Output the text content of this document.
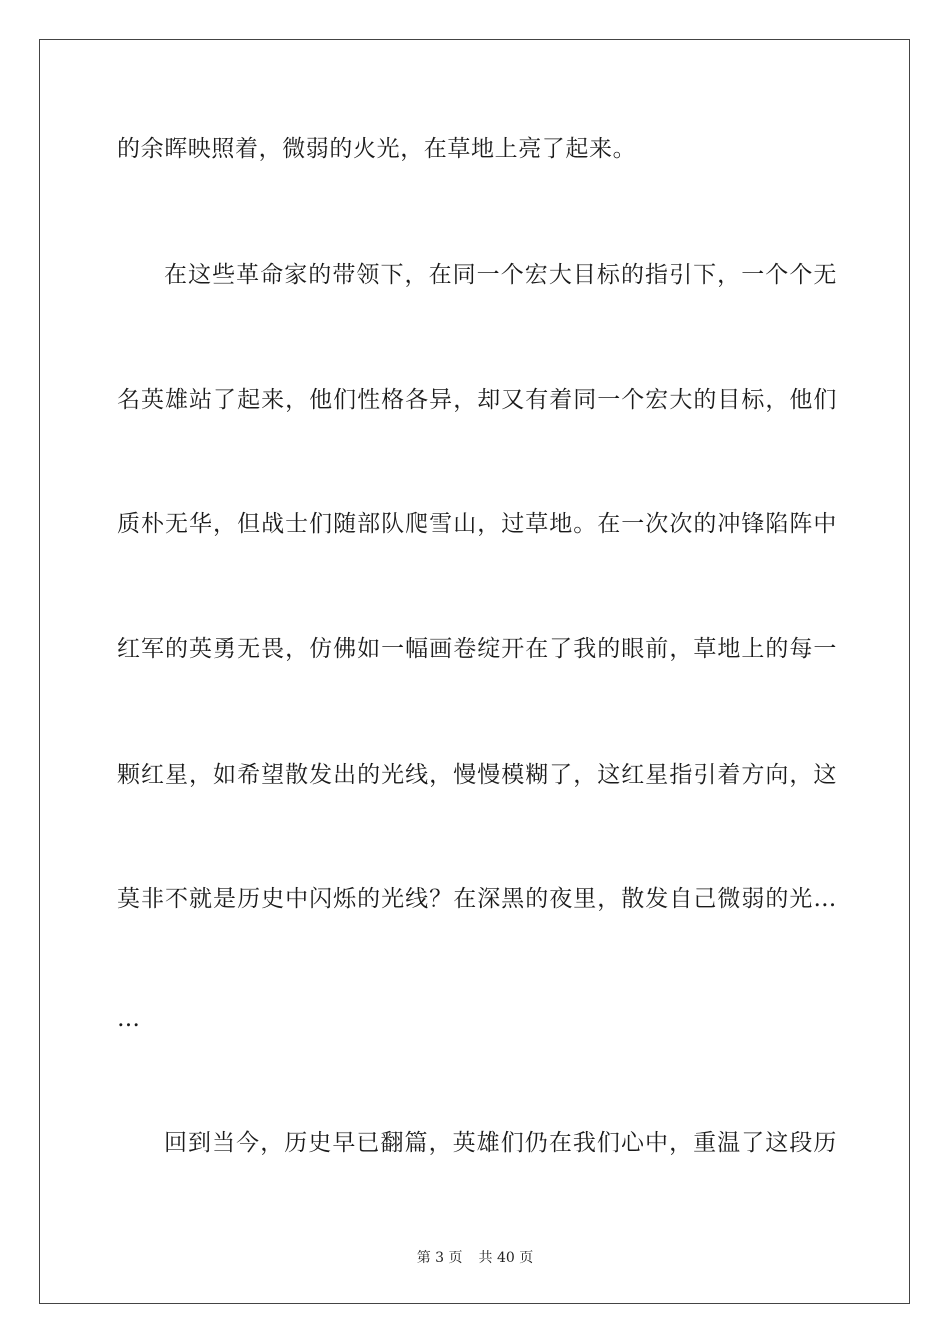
的余晖映照着，微弱的火光，在草地上亮了起来。
在这些革命家的带领下，在同一个宏大目标的指引下，一个个无
名英雄站了起来，他们性格各异，却又有着同一个宏大的目标，他们
质朴无华，但战士们随部队爬雪山，过草地。在一次次的冲锋陷阵中
红军的英勇无畏，仿佛如一幅画卷绽开在了我的眼前，草地上的每一
颗红星，如希望散发出的光线，慢慢模糊了，这红星指引着方向，这
莫非不就是历史中闪烁的光线？在深黑的夜里，散发自己微弱的光…
…
回到当今，历史早已翻篇，英雄们仍在我们心中，重温了这段历
第 3 页 共 40 页
